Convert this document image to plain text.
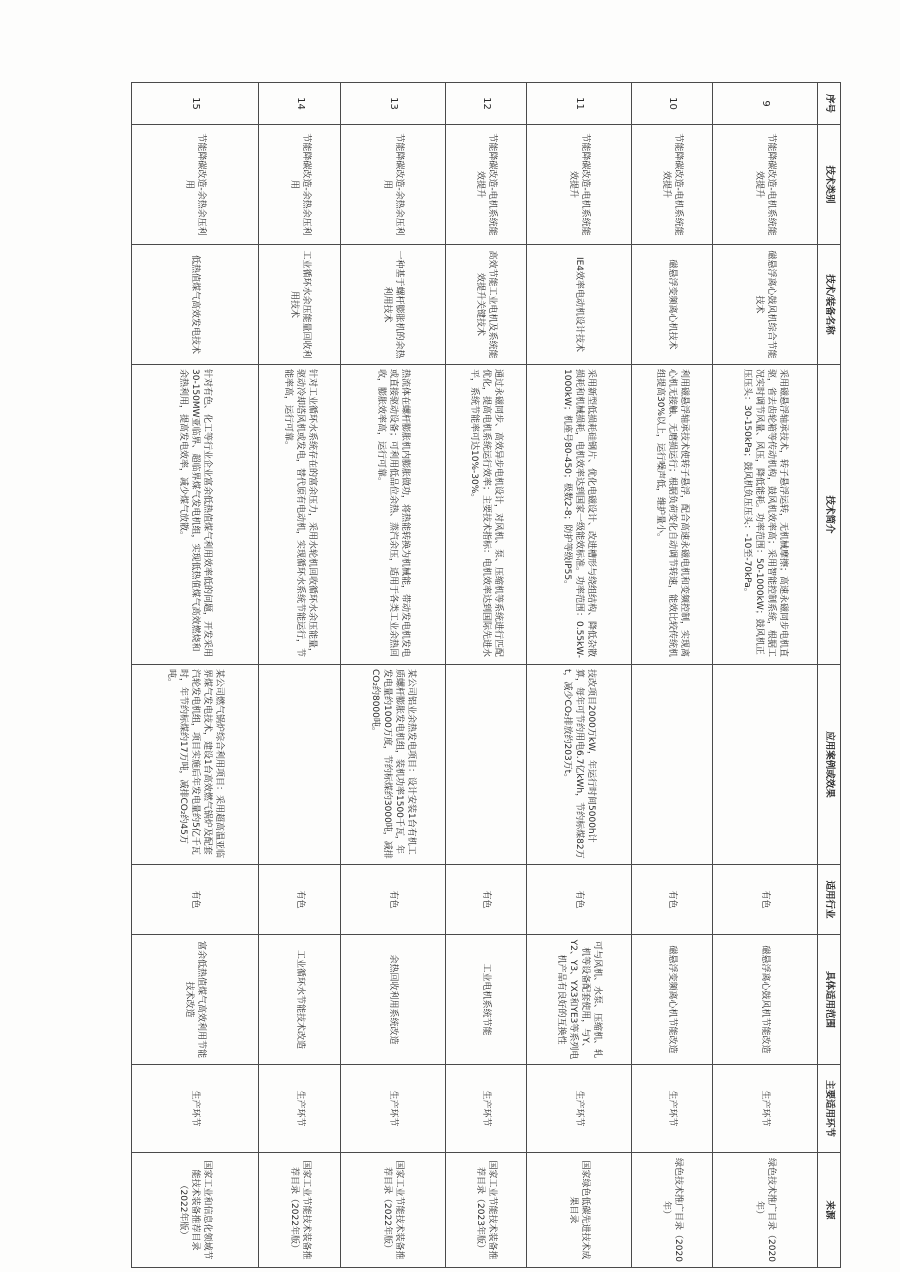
序号	技术类别	技术/装备名称	技术简介	应用案例或效果	适用行业	具体适用范围	主要适用环节	来源
9	节能降碳改造-电机系统能效提升	磁悬浮离心鼓风机综合节能技术	采用磁悬浮轴承技术，转子悬浮运转，无机械摩擦；高速永磁同步电机直驱，省去齿轮箱等传动机构，鼓风机效率高；采用智能控制系统，根据工况实时调节风量、风压，降低能耗。功率范围：50-1000kW；鼓风机正压压头：30-150kPa；鼓风机负压压头：-10至-70kPa。		有色	磁悬浮离心鼓风机节能改造	生产环节	绿色技术推广目录（2020年）
10	节能降碳改造-电机系统能效提升	磁悬浮变频离心机技术	利用磁悬浮轴承技术使转子悬浮，配合高速永磁电机和变频控制，实现离心机无接触、无磨损运行；根据负荷变化自动调节转速，能效比较传统机组提高30%以上，运行噪声低，维护量小。		有色	磁悬浮变频离心机节能改造	生产环节	绿色技术推广目录（2020年）
11	节能降碳改造-电机系统能效提升	IE4效率电动机设计技术	采用新型低损耗硅钢片、优化电磁设计、改进槽形与绕组结构、降低杂散损耗和机械损耗，电机效率达到国家一级能效标准。功率范围：0.55kW-1000kW；机座号80-450；极数2-8；防护等级IP55。	技改项目2000万kW，年运行时间5000h计算，每年可节约用电6.7亿kWh，节约标煤82万t，减少CO₂排放约203万t。	有色	可与风机、水泵、压缩机、轧机等设备配套使用，与Y、Y2、Y3、YX3和YE3等系列电机产品有良好的互换性	生产环节	国家绿色低碳先进技术成果目录
12	节能降碳改造-电机系统能效提升	高效节能工业电机及系统能效提升关键技术	通过永磁同步、高效异步电机设计，对风机、泵、压缩机等系统进行匹配优化，提高电机系统运行效率；主要技术指标：电机效率达到国际先进水平，系统节能率可达10%-30%。		有色	工业电机系统节能	生产环节	国家工业节能技术装备推荐目录（2023年版）
13	节能降碳改造-余热余压利用	一种基于螺杆膨胀机的余热利用技术	热流体在螺杆膨胀机内膨胀做功，将热能转换为机械能，带动发电机发电或直接驱动设备；可利用低品位余热、蒸汽余压，适用于各类工业余热回收，膨胀效率高，运行可靠。	某公司铝业余热发电项目：设计安装1台有机工质螺杆膨胀发电机组，装机功率1500千瓦，年发电量约1000万度，节约标煤约3000吨，减排CO₂约8000吨。	有色	余热回收利用系统改造	生产环节	国家工业节能技术装备推荐目录（2022年版）
14	节能降碳改造-余热余压利用	工业循环水余压能量回收利用技术	针对工业循环水系统存在的富余压力，采用水轮机回收循环水余压能量，驱动冷却塔风机或发电，替代原有电动机，实现循环水系统节能运行，节能率高，运行可靠。		有色	工业循环水节能技术改造	生产环节	国家工业节能技术装备推荐目录（2022年版）
15	节能降碳改造-余热余压利用	低热值煤气高效发电技术	针对有色、化工等行业企业富余低热值煤气利用效率低的问题，开发采用30-150MW亚临界、超临界煤气发电机组，实现低热值煤气高效燃烧和余热利用，提高发电效率，减少煤气放散。	某公司燃气锅炉综合利用项目：采用超高温亚临界煤气发电技术，建设1台高效燃气锅炉及配套汽轮发电机组，项目实施后年发电量约5亿千瓦时，年节约标煤约17万吨，减排CO₂约45万吨。	有色	富余低热值煤气高效利用节能技术改造	生产环节	国家工业和信息化领域节能技术装备推荐目录（2022年版）
